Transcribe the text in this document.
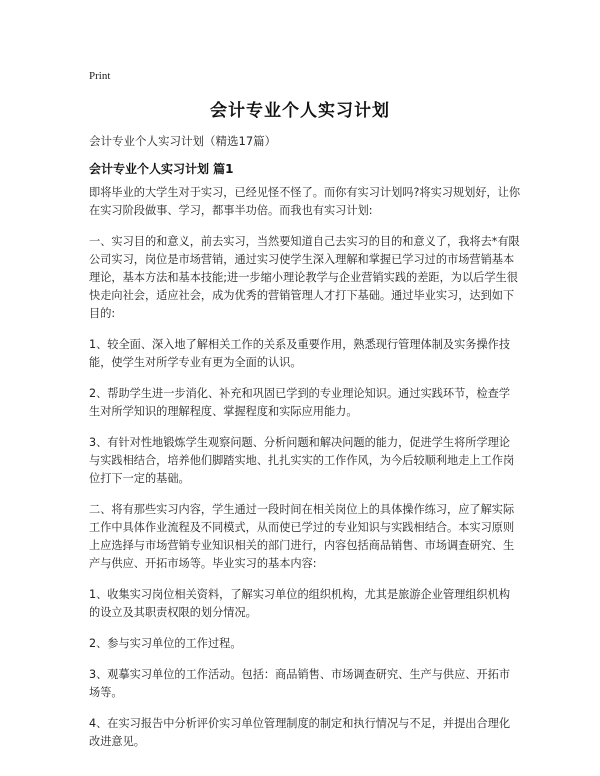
Print
会计专业个人实习计划

会计专业个人实习计划（精选17篇）

会计专业个人实习计划 篇1

即将毕业的大学生对于实习，已经见怪不怪了。而你有实习计划吗?将实习规划好，让你在实习阶段做事、学习，都事半功倍。而我也有实习计划:

一、实习目的和意义，前去实习，当然要知道自己去实习的目的和意义了，我将去*有限公司实习，岗位是市场营销，通过实习使学生深入理解和掌握已学习过的市场营销基本理论，基本方法和基本技能;进一步缩小理论教学与企业营销实践的差距，为以后学生很快走向社会，适应社会，成为优秀的营销管理人才打下基础。通过毕业实习，达到如下目的:

1、较全面、深入地了解相关工作的关系及重要作用，熟悉现行管理体制及实务操作技能，使学生对所学专业有更为全面的认识。

2、帮助学生进一步消化、补充和巩固已学到的专业理论知识。通过实践环节，检查学生对所学知识的理解程度、掌握程度和实际应用能力。

3、有针对性地锻炼学生观察问题、分析问题和解决问题的能力，促进学生将所学理论与实践相结合，培养他们脚踏实地、扎扎实实的工作作风，为今后较顺利地走上工作岗位打下一定的基础。

二、将有那些实习内容，学生通过一段时间在相关岗位上的具体操作练习，应了解实际工作中具体作业流程及不同模式，从而使已学过的专业知识与实践相结合。本实习原则上应选择与市场营销专业知识相关的部门进行，内容包括商品销售、市场调查研究、生产与供应、开拓市场等。毕业实习的基本内容:

1、收集实习岗位相关资料，了解实习单位的组织机构，尤其是旅游企业管理组织机构的设立及其职责权限的划分情况。

2、参与实习单位的工作过程。

3、观摹实习单位的工作活动。包括：商品销售、市场调查研究、生产与供应、开拓市场等。

4、在实习报告中分析评价实习单位管理制度的制定和执行情况与不足，并提出合理化改进意见。
